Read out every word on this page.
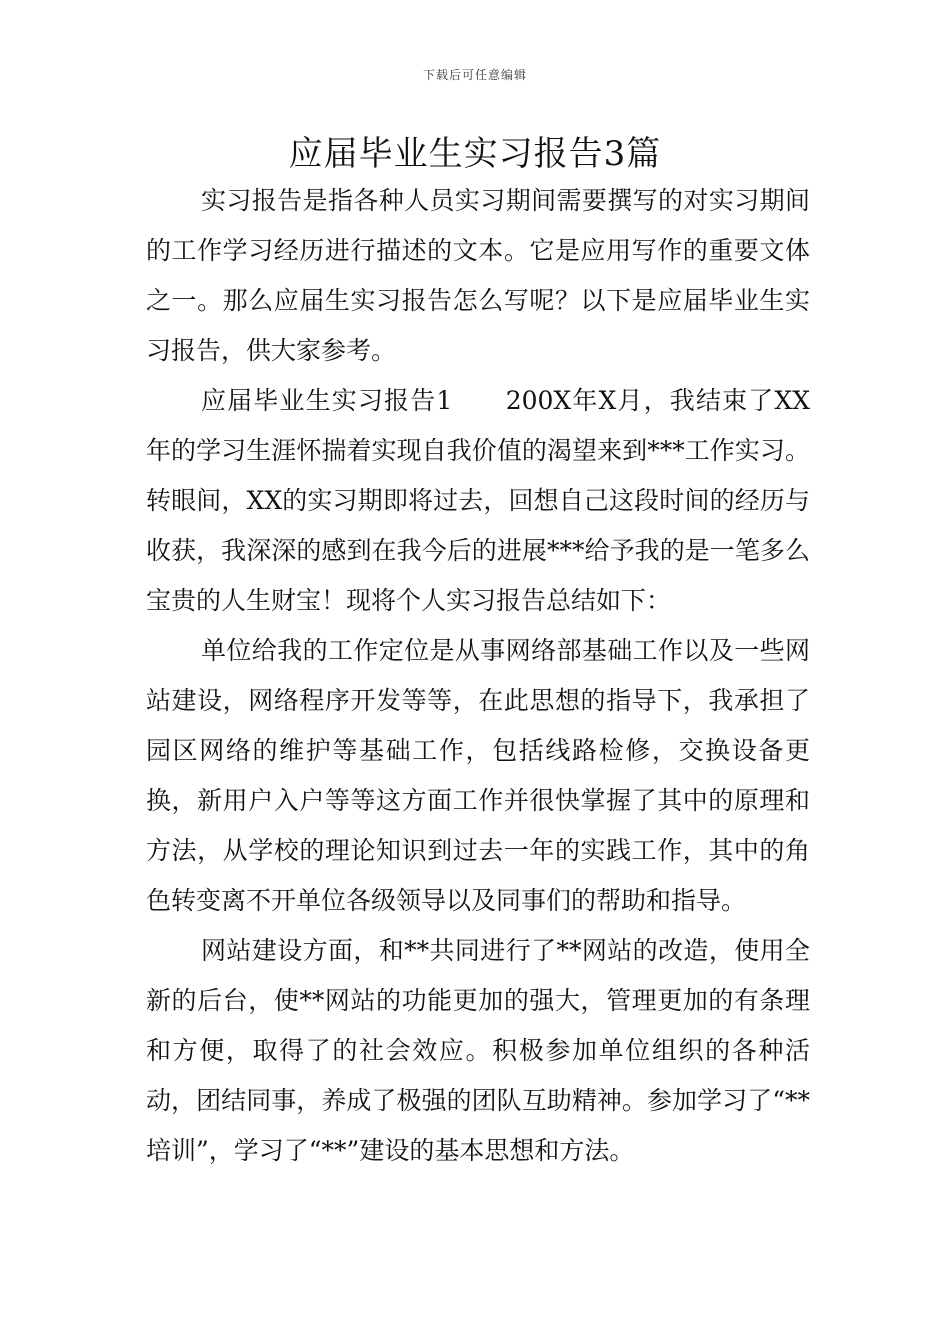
下载后可任意编辑
应届毕业生实习报告3篇

实习报告是指各种人员实习期间需要撰写的对实习期间的工作学习经历进行描述的文本。它是应用写作的重要文体之一。那么应届生实习报告怎么写呢？以下是应届毕业生实习报告，供大家参考。

应届毕业生实习报告1　　200X年X月，我结束了XX年的学习生涯怀揣着实现自我价值的渴望来到***工作实习。转眼间，XX的实习期即将过去，回想自己这段时间的经历与收获，我深深的感到在我今后的进展***给予我的是一笔多么宝贵的人生财宝！现将个人实习报告总结如下：

单位给我的工作定位是从事网络部基础工作以及一些网站建设，网络程序开发等等，在此思想的指导下，我承担了园区网络的维护等基础工作，包括线路检修，交换设备更换，新用户入户等等这方面工作并很快掌握了其中的原理和方法，从学校的理论知识到过去一年的实践工作，其中的角色转变离不开单位各级领导以及同事们的帮助和指导。

网站建设方面，和**共同进行了**网站的改造，使用全新的后台，使**网站的功能更加的强大，管理更加的有条理和方便，取得了的社会效应。积极参加单位组织的各种活动，团结同事，养成了极强的团队互助精神。参加学习了“**培训”，学习了“**”建设的基本思想和方法。
